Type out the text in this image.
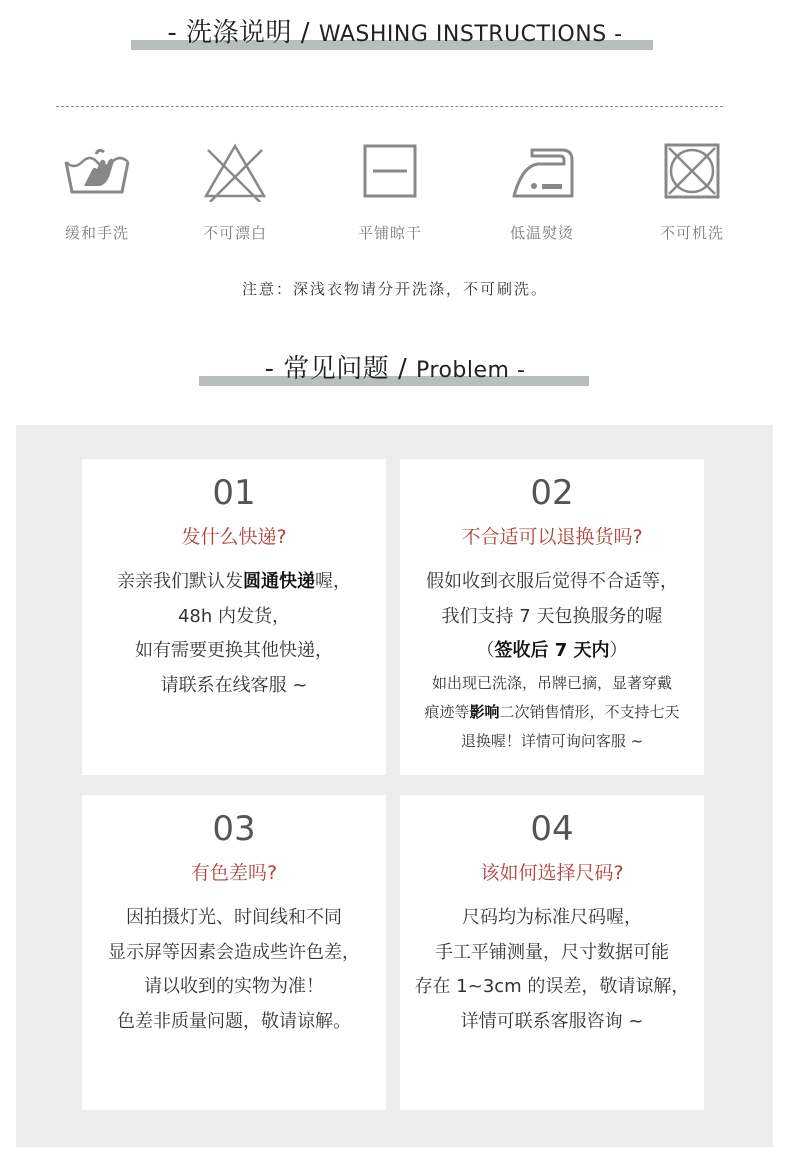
- 洗涤说明 / WASHING INSTRUCTIONS -
缓和手洗	不可漂白	平铺晾干	低温熨烫	不可机洗
注意：深浅衣物请分开洗涤，不可刷洗。
- 常见问题 / Problem -
01
发什么快递?
亲亲我们默认发圆通快递喔，
48h 内发货，
如有需要更换其他快递，
请联系在线客服 ~
02
不合适可以退换货吗?
假如收到衣服后觉得不合适等，
我们支持 7 天包换服务的喔
（签收后 7 天内）
如出现已洗涤，吊牌已摘，显著穿戴
痕迹等影响二次销售情形，不支持七天
退换喔！详情可询问客服 ~
03
有色差吗?
因拍摄灯光、时间线和不同
显示屏等因素会造成些许色差，
请以收到的实物为准！
色差非质量问题，敬请谅解。
04
该如何选择尺码?
尺码均为标准尺码喔，
手工平铺测量，尺寸数据可能
存在 1~3cm 的误差，敬请谅解，
详情可联系客服咨询 ~
